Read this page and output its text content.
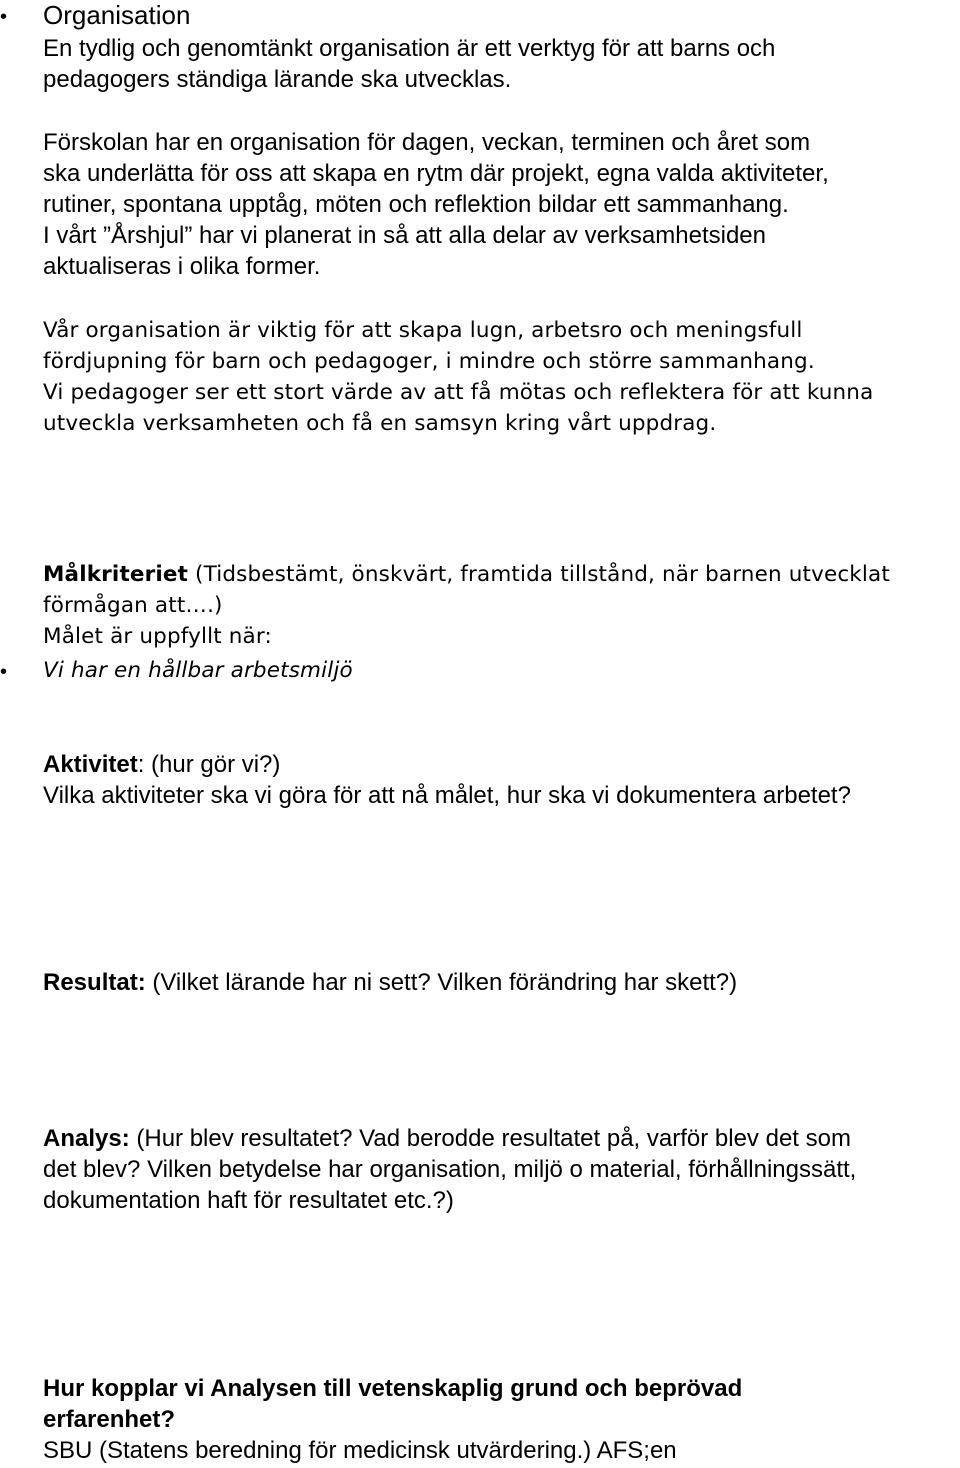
• Organisation
En tydlig och genomtänkt organisation är ett verktyg för att barns och
pedagogers ständiga lärande ska utvecklas.
Förskolan har en organisation för dagen, veckan, terminen och året som
ska underlätta för oss att skapa en rytm där projekt, egna valda aktiviteter,
rutiner, spontana upptåg, möten och reflektion bildar ett sammanhang.
I vårt ”Årshjul” har vi planerat in så att alla delar av verksamhetsiden
aktualiseras i olika former.
Vår organisation är viktig för att skapa lugn, arbetsro och meningsfull
fördjupning för barn och pedagoger, i mindre och större sammanhang.
Vi pedagoger ser ett stort värde av att få mötas och reflektera för att kunna
utveckla verksamheten och få en samsyn kring vårt uppdrag.
Målkriteriet (Tidsbestämt, önskvärt, framtida tillstånd, när barnen utvecklat
förmågan att….)
Målet är uppfyllt när:
• Vi har en hållbar arbetsmiljö
Aktivitet: (hur gör vi?)
Vilka aktiviteter ska vi göra för att nå målet, hur ska vi dokumentera arbetet?
Resultat: (Vilket lärande har ni sett? Vilken förändring har skett?)
Analys: (Hur blev resultatet? Vad berodde resultatet på, varför blev det som
det blev? Vilken betydelse har organisation, miljö o material, förhållningssätt,
dokumentation haft för resultatet etc.?)
Hur kopplar vi Analysen till vetenskaplig grund och beprövad
erfarenhet?
SBU (Statens beredning för medicinsk utvärdering.) AFS;en
